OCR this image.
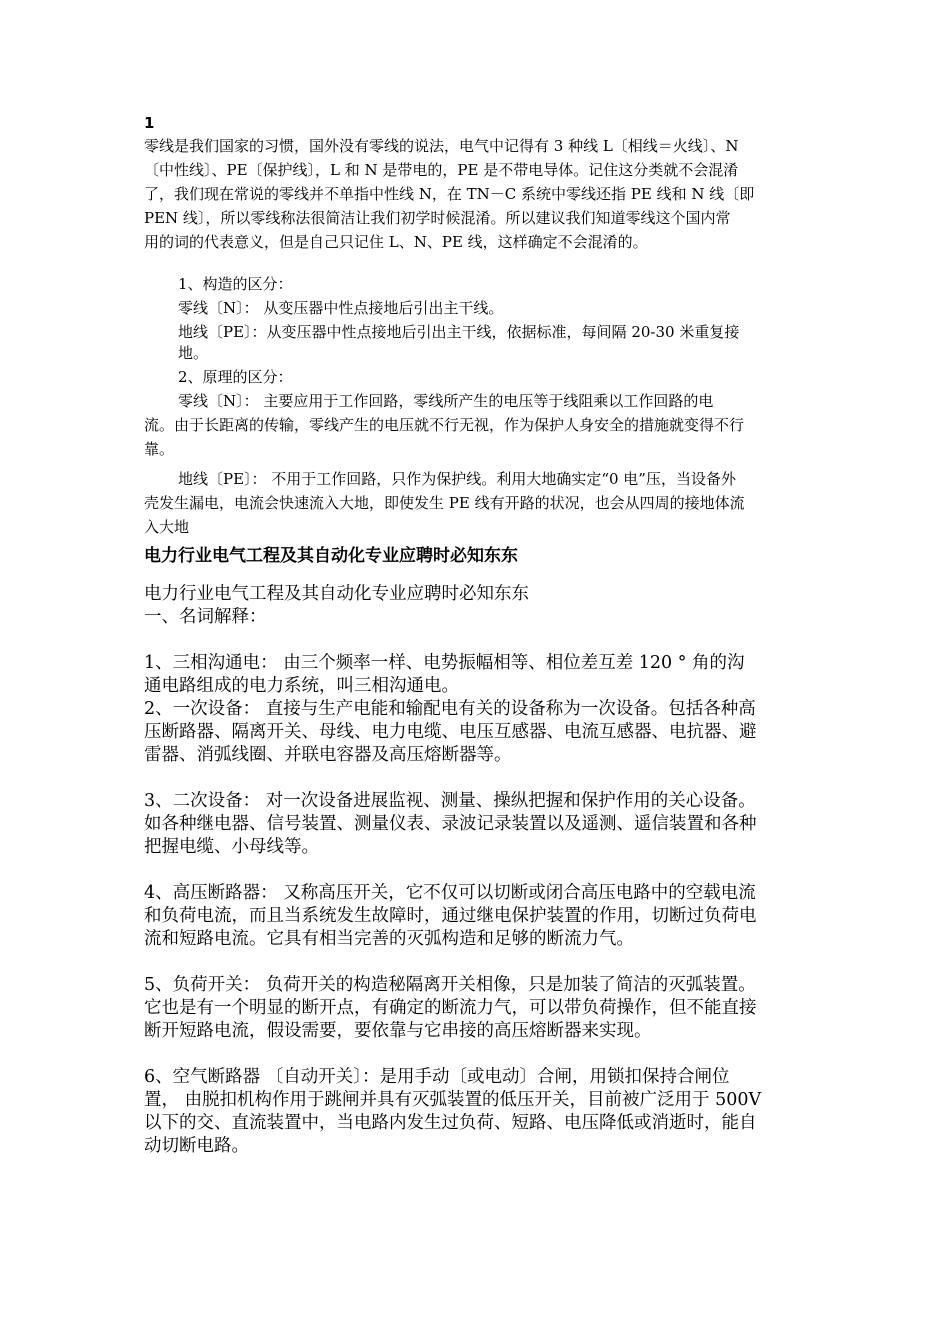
1
零线是我们国家的习惯，国外没有零线的说法，电气中记得有 3 种线 L〔相线＝火线〕、N
〔中性线〕、PE〔保护线〕，L 和 N 是带电的，PE 是不带电导体。记住这分类就不会混淆
了，我们现在常说的零线并不单指中性线 N，在 TN－C 系统中零线还指 PE 线和 N 线〔即
PEN 线〕，所以零线称法很简洁让我们初学时候混淆。所以建议我们知道零线这个国内常
用的词的代表意义，但是自己只记住 L、N、PE 线，这样确定不会混淆的。
1、构造的区分：
零线〔N〕： 从变压器中性点接地后引出主干线。
地线〔PE〕：从变压器中性点接地后引出主干线，依据标准，每间隔 20-30 米重复接
地。
2、原理的区分：
零线〔N〕： 主要应用于工作回路，零线所产生的电压等于线阻乘以工作回路的电
流。由于长距离的传输，零线产生的电压就不行无视，作为保护人身安全的措施就变得不行
靠。
地线〔PE〕： 不用于工作回路，只作为保护线。利用大地确实定“0 电”压，当设备外
壳发生漏电，电流会快速流入大地，即使发生 PE 线有开路的状况，也会从四周的接地体流
入大地
电力行业电气工程及其自动化专业应聘时必知东东
电力行业电气工程及其自动化专业应聘时必知东东
一、名词解释：
1、三相沟通电： 由三个频率一样、电势振幅相等、相位差互差 120 ° 角的沟
通电路组成的电力系统，叫三相沟通电。
2、一次设备： 直接与生产电能和输配电有关的设备称为一次设备。包括各种高
压断路器、隔离开关、母线、电力电缆、电压互感器、电流互感器、电抗器、避
雷器、消弧线圈、并联电容器及高压熔断器等。
3、二次设备： 对一次设备进展监视、测量、操纵把握和保护作用的关心设备。
如各种继电器、信号装置、测量仪表、录波记录装置以及遥测、遥信装置和各种
把握电缆、小母线等。
4、高压断路器： 又称高压开关，它不仅可以切断或闭合高压电路中的空载电流
和负荷电流，而且当系统发生故障时，通过继电保护装置的作用，切断过负荷电
流和短路电流。它具有相当完善的灭弧构造和足够的断流力气。
5、负荷开关： 负荷开关的构造秘隔离开关相像，只是加装了简洁的灭弧装置。
它也是有一个明显的断开点，有确定的断流力气，可以带负荷操作，但不能直接
断开短路电流，假设需要，要依靠与它串接的高压熔断器来实现。
6、空气断路器 〔自动开关〕：是用手动〔或电动〕合闸，用锁扣保持合闸位
置， 由脱扣机构作用于跳闸并具有灭弧装置的低压开关，目前被广泛用于 500V
以下的交、直流装置中，当电路内发生过负荷、短路、电压降低或消逝时，能自
动切断电路。
